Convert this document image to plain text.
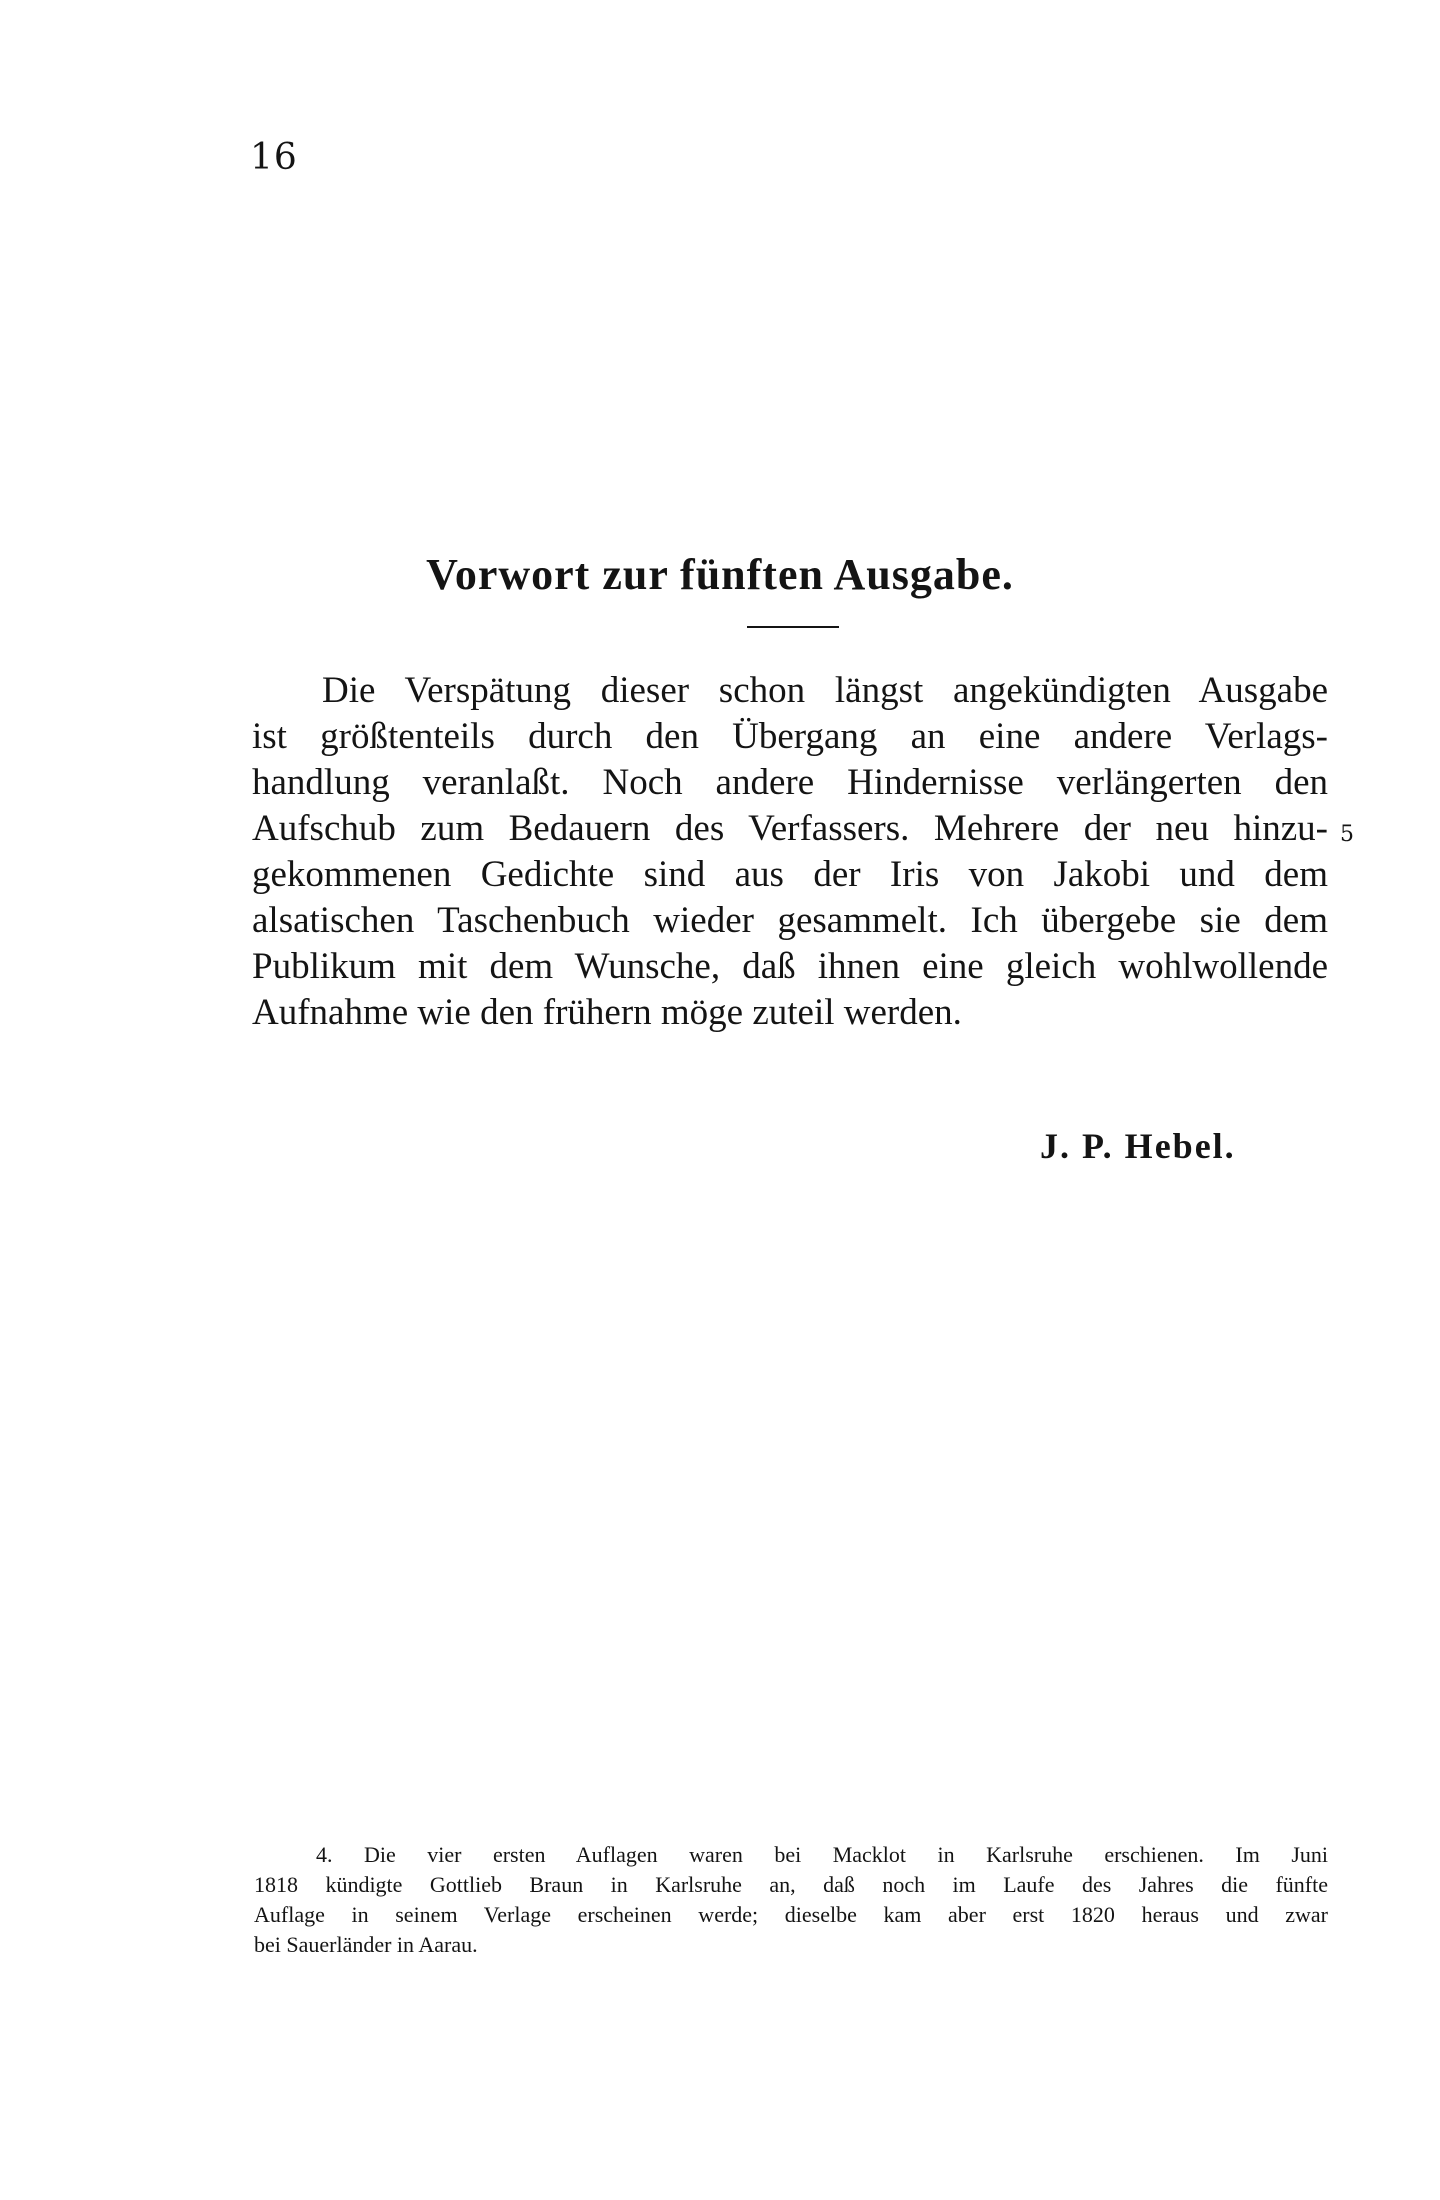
16
Vorwort zur fünften Ausgabe.
Die Verspätung dieser schon längst angekündigten Ausgabe
ist größtenteils durch den Übergang an eine andere Verlags-
handlung veranlaßt. Noch andere Hindernisse verlängerten den
Aufschub zum Bedauern des Verfassers. Mehrere der neu hinzu-
gekommenen Gedichte sind aus der Iris von Jakobi und dem
alsatischen Taschenbuch wieder gesammelt. Ich übergebe sie dem
Publikum mit dem Wunsche, daß ihnen eine gleich wohlwollende
Aufnahme wie den frühern möge zuteil werden.
5
J. P. Hebel.
4. Die vier ersten Auflagen waren bei Macklot in Karlsruhe erschienen. Im Juni
1818 kündigte Gottlieb Braun in Karlsruhe an, daß noch im Laufe des Jahres die fünfte
Auflage in seinem Verlage erscheinen werde; dieselbe kam aber erst 1820 heraus und zwar
bei Sauerländer in Aarau.
